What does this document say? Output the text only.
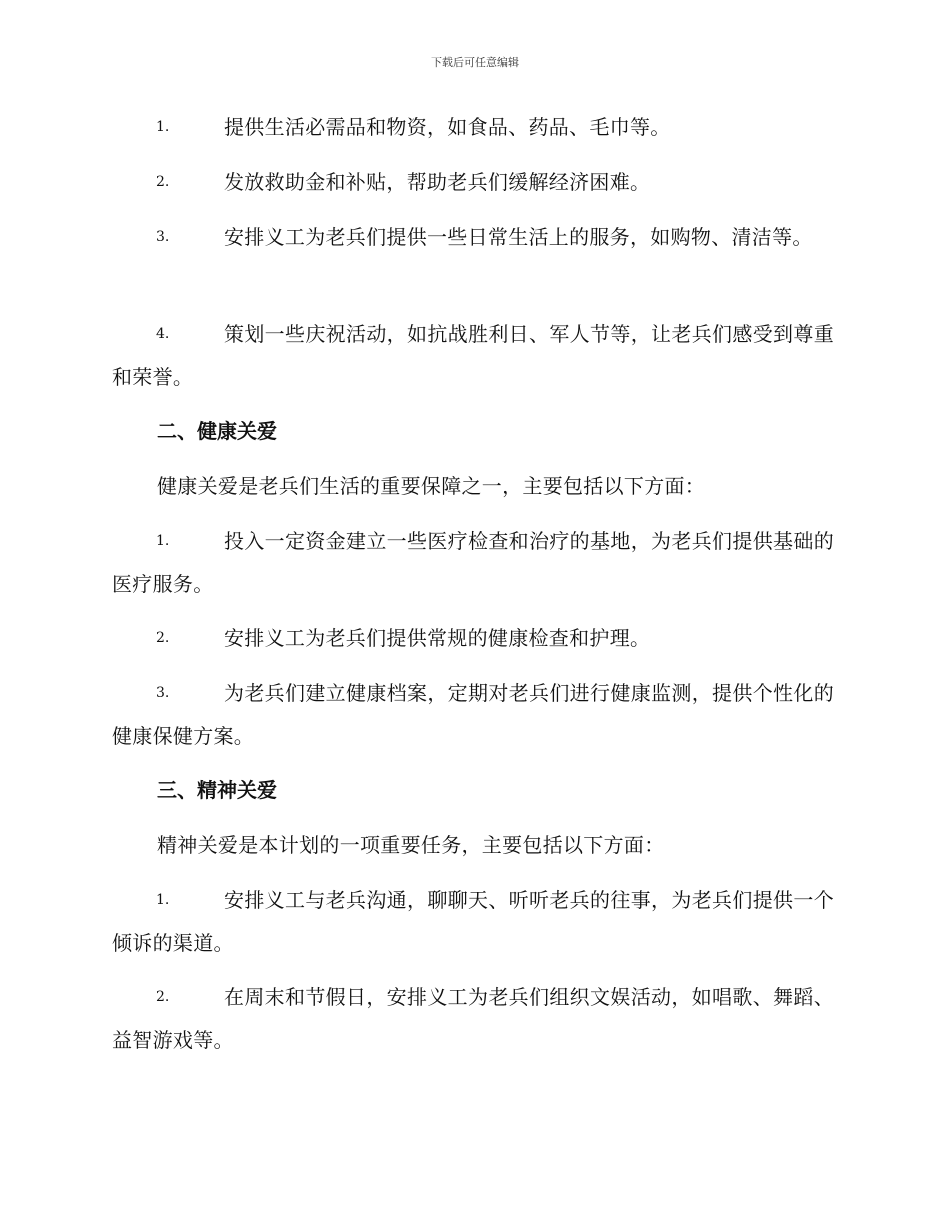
下载后可任意编辑
1.	提供生活必需品和物资，如食品、药品、毛巾等。
2.	发放救助金和补贴，帮助老兵们缓解经济困难。
3.	安排义工为老兵们提供一些日常生活上的服务，如购物、清洁等。
4.	策划一些庆祝活动，如抗战胜利日、军人节等，让老兵们感受到尊重和荣誉。
二、健康关爱
健康关爱是老兵们生活的重要保障之一，主要包括以下方面：
1.	投入一定资金建立一些医疗检查和治疗的基地，为老兵们提供基础的医疗服务。
2.	安排义工为老兵们提供常规的健康检查和护理。
3.	为老兵们建立健康档案，定期对老兵们进行健康监测，提供个性化的健康保健方案。
三、精神关爱
精神关爱是本计划的一项重要任务，主要包括以下方面：
1.	安排义工与老兵沟通，聊聊天、听听老兵的往事，为老兵们提供一个倾诉的渠道。
2.	在周末和节假日，安排义工为老兵们组织文娱活动，如唱歌、舞蹈、益智游戏等。
